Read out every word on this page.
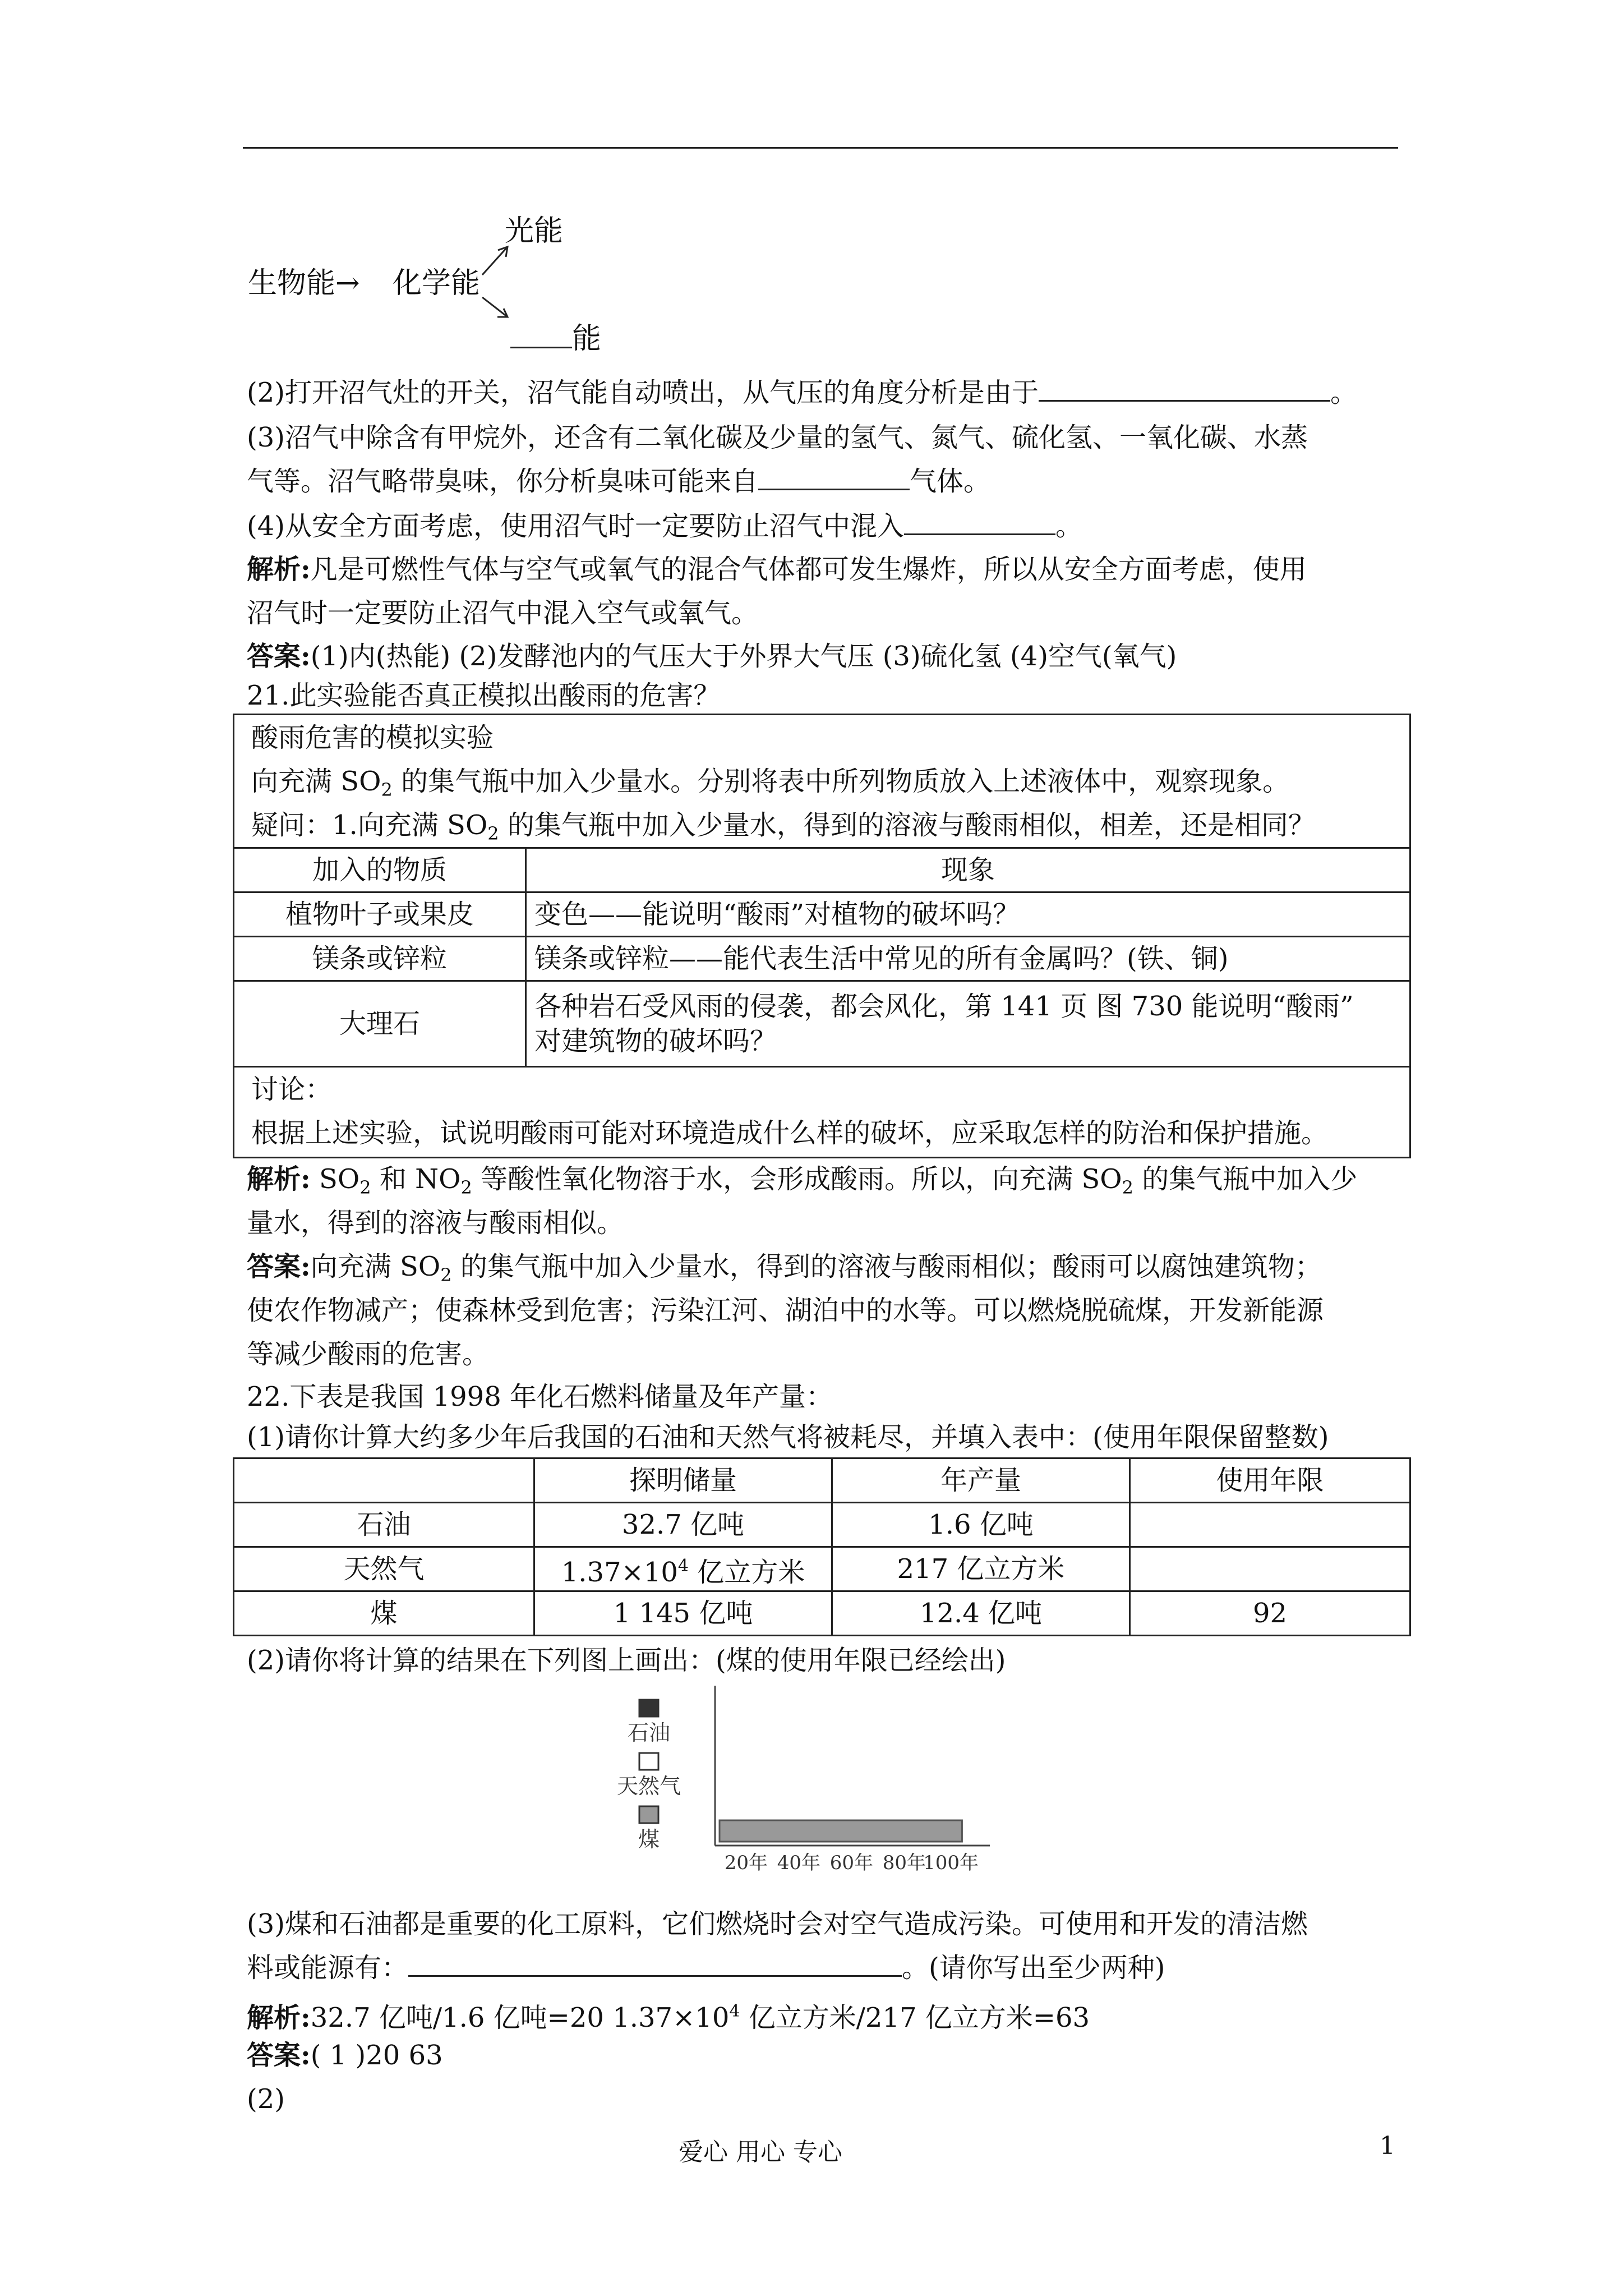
光能
生物能→ 化学能
能
(2)打开沼气灶的开关，沼气能自动喷出，从气压的角度分析是由于	。
(3)沼气中除含有甲烷外，还含有二氧化碳及少量的氢气、氮气、硫化氢、一氧化碳、水蒸
气等。沼气略带臭味，你分析臭味可能来自	气体。
(4)从安全方面考虑，使用沼气时一定要防止沼气中混入	。
解析:凡是可燃性气体与空气或氧气的混合气体都可发生爆炸，所以从安全方面考虑，使用
沼气时一定要防止沼气中混入空气或氧气。
答案:(1)内(热能) (2)发酵池内的气压大于外界大气压 (3)硫化氢 (4)空气(氧气)
21.此实验能否真正模拟出酸雨的危害？
酸雨危害的模拟实验
向充满 $SO_2$ 的集气瓶中加入少量水。分别将表中所列物质放入上述液体中，观察现象。
疑问：1.向充满 $SO_2$ 的集气瓶中加入少量水，得到的溶液与酸雨相似，相差，还是相同？
加入的物质	现象
植物叶子或果皮	变色——能说明“酸雨”对植物的破坏吗？
镁条或锌粒	镁条或锌粒——能代表生活中常见的所有金属吗？(铁、铜)
大理石	各种岩石受风雨的侵袭，都会风化，第 141 页 图 730 能说明“酸雨”
对建筑物的破坏吗？
讨论：
根据上述实验，试说明酸雨可能对环境造成什么样的破坏，应采取怎样的防治和保护措施。
解析: $SO_2$ 和 $NO_2$ 等酸性氧化物溶于水，会形成酸雨。所以，向充满 $SO_2$ 的集气瓶中加入少
量水，得到的溶液与酸雨相似。
答案:向充满 $SO_2$ 的集气瓶中加入少量水，得到的溶液与酸雨相似；酸雨可以腐蚀建筑物；
使农作物减产；使森林受到危害；污染江河、湖泊中的水等。可以燃烧脱硫煤，开发新能源
等减少酸雨的危害。
22.下表是我国 1998 年化石燃料储量及年产量：
(1)请你计算大约多少年后我国的石油和天然气将被耗尽，并填入表中：(使用年限保留整数)
	探明储量	年产量	使用年限
石油	32.7 亿吨	1.6 亿吨	
天然气	$1.37\times 10^4$ 亿立方米	217 亿立方米	
煤	1 145 亿吨	12.4 亿吨	92
(2)请你将计算的结果在下列图上画出：(煤的使用年限已经绘出)
石油
天然气
煤
20年 40年 60年 80年
100年
(3)煤和石油都是重要的化工原料，它们燃烧时会对空气造成污染。可使用和开发的清洁燃
料或能源有：	。(请你写出至少两种)
解析:32.7 亿吨/1.6 亿吨=20 $1.37\times 10^4$ 亿立方米/217 亿立方米=63
答案:( 1 )20 63
(2)
爱心 用心 专心	1
